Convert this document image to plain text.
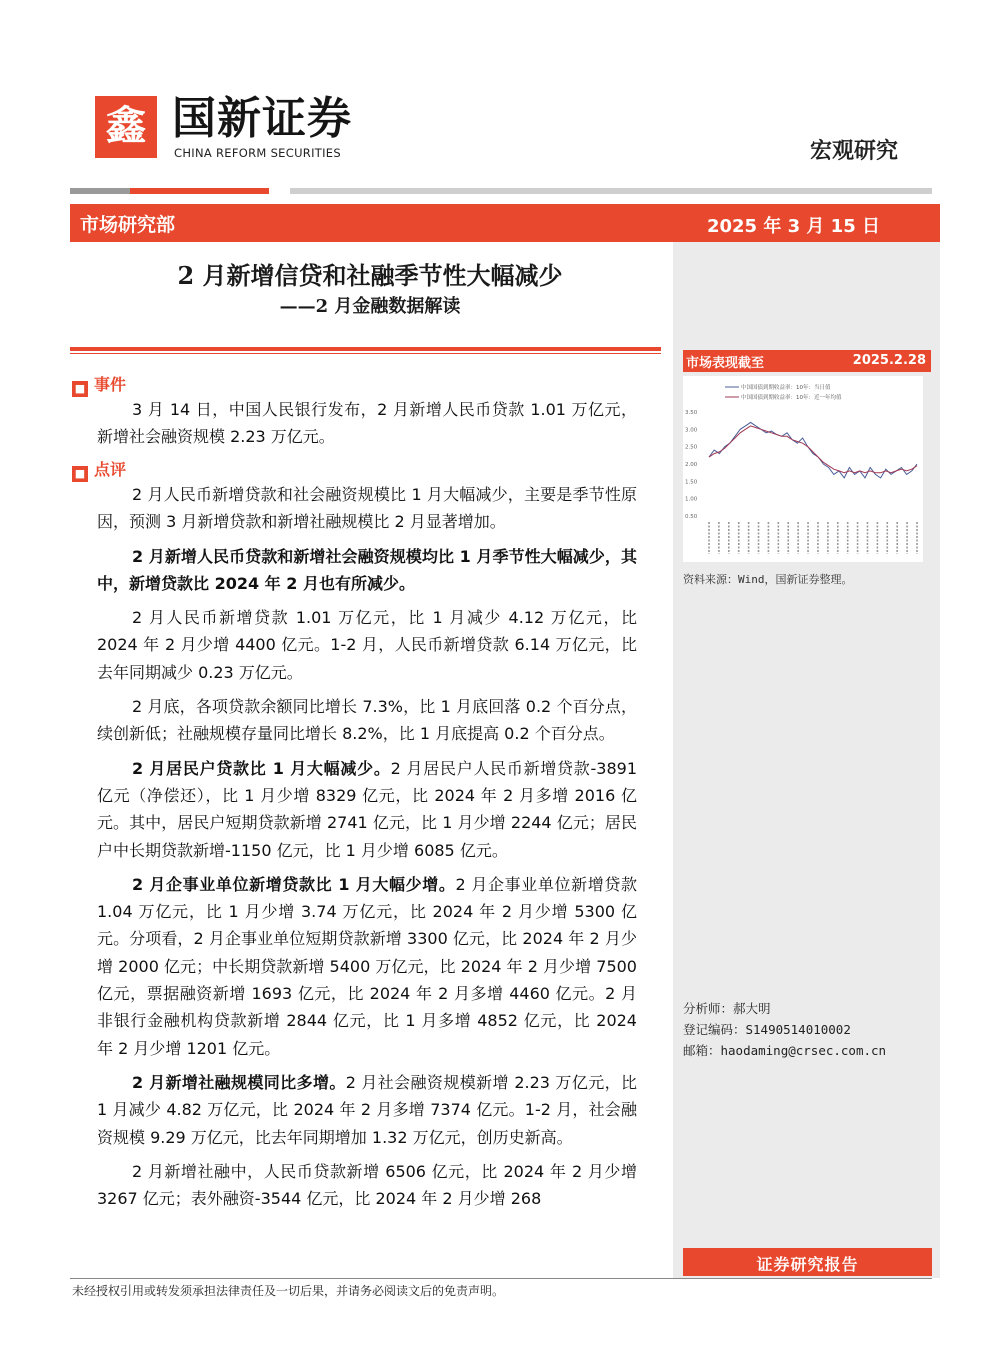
鑫 国新证券
CHINA REFORM SECURITIES	宏观研究
市场研究部	2025 年 3 月 15 日
2 月新增信贷和社融季节性大幅减少
——2 月金融数据解读
■ 事件

3 月 14 日，中国人民银行发布，2 月新增人民币贷款 1.01 万亿元，新增社会融资规模 2.23 万亿元。

■ 点评

2 月人民币新增贷款和社会融资规模比 1 月大幅减少，主要是季节性原因，预测 3 月新增贷款和新增社融规模比 2 月显著增加。

2 月新增人民币贷款和新增社会融资规模均比 1 月季节性大幅减少，其中，新增贷款比 2024 年 2 月也有所减少。

2 月人民币新增贷款 1.01 万亿元，比 1 月减少 4.12 万亿元，比 2024 年 2 月少增 4400 亿元。1-2 月，人民币新增贷款 6.14 万亿元，比去年同期减少 0.23 万亿元。

2 月底，各项贷款余额同比增长 7.3%，比 1 月底回落 0.2 个百分点，续创新低；社融规模存量同比增长 8.2%，比 1 月底提高 0.2 个百分点。

2 月居民户贷款比 1 月大幅减少。2 月居民户人民币新增贷款-3891 亿元（净偿还），比 1 月少增 8329 亿元，比 2024 年 2 月多增 2016 亿元。其中，居民户短期贷款新增 2741 亿元，比 1 月少增 2244 亿元；居民户中长期贷款新增-1150 亿元，比 1 月少增 6085 亿元。

2 月企事业单位新增贷款比 1 月大幅少增。2 月企事业单位新增贷款 1.04 万亿元，比 1 月少增 3.74 万亿元，比 2024 年 2 月少增 5300 亿元。分项看，2 月企事业单位短期贷款新增 3300 亿元，比 2024 年 2 月少增 2000 亿元；中长期贷款新增 5400 万亿元，比 2024 年 2 月少增 7500 亿元，票据融资新增 1693 亿元，比 2024 年 2 月多增 4460 亿元。2 月非银行金融机构贷款新增 2844 亿元，比 1 月多增 4852 亿元，比 2024 年 2 月少增 1201 亿元。

2 月新增社融规模同比多增。2 月社会融资规模新增 2.23 万亿元，比 1 月减少 4.82 万亿元，比 2024 年 2 月多增 7374 亿元。1-2 月，社会融资规模 9.29 万亿元，比去年同期增加 1.32 万亿元，创历史新高。

2 月新增社融中，人民币贷款新增 6506 亿元，比 2024 年 2 月少增 3267 亿元；表外融资-3544 亿元，比 2024 年 2 月少增 268

市场表现截至	2025.2.28
中国国债到期收益率：10年：当日值
中国国债到期收益率：10年：近一年均值
3.50
3.00
2.50
2.00
1.50
1.00
0.50
资料来源：Wind，国新证券整理。
分析师：郝大明
登记编码：S1490514010002
邮箱：haodaming@crsec.com.cn
证券研究报告
未经授权引用或转发须承担法律责任及一切后果，并请务必阅读文后的免责声明。
